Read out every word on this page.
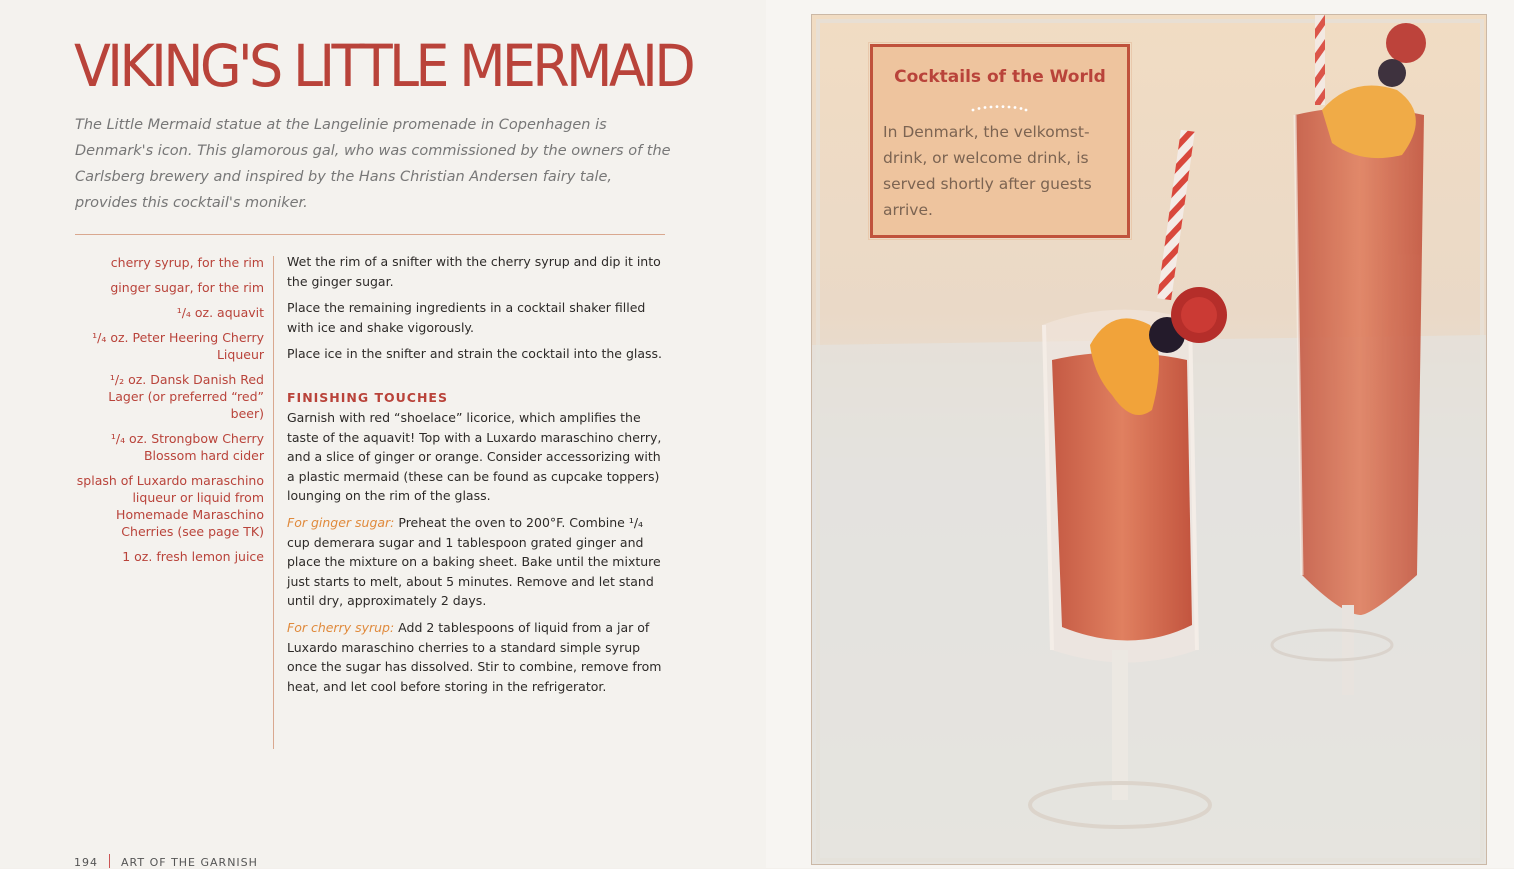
VIKING'S LITTLE MERMAID
The Little Mermaid statue at the Langelinie promenade in Copenhagen is Denmark's icon. This glamorous gal, who was commissioned by the owners of the Carlsberg brewery and inspired by the Hans Christian Andersen fairy tale, provides this cocktail's moniker.
cherry syrup, for the rim
ginger sugar, for the rim
¹/₄ oz. aquavit
¹/₄ oz. Peter Heering Cherry Liqueur
¹/₂ oz. Dansk Danish Red Lager (or preferred “red” beer)
¹/₄ oz. Strongbow Cherry Blossom hard cider
splash of Luxardo maraschino liqueur or liquid from Homemade Maraschino Cherries (see page TK)
1 oz. fresh lemon juice

Wet the rim of a snifter with the cherry syrup and dip it into the ginger sugar.

Place the remaining ingredients in a cocktail shaker filled with ice and shake vigorously.

Place ice in the snifter and strain the cocktail into the glass.

FINISHING TOUCHES

Garnish with red “shoelace” licorice, which amplifies the taste of the aquavit! Top with a Luxardo maraschino cherry, and a slice of ginger or orange. Consider accessorizing with a plastic mermaid (these can be found as cupcake toppers) lounging on the rim of the glass.

For ginger sugar: Preheat the oven to 200°F. Combine ¹/₄ cup demerara sugar and 1 tablespoon grated ginger and place the mixture on a baking sheet. Bake until the mixture just starts to melt, about 5 minutes. Remove and let stand until dry, approximately 2 days.

For cherry syrup: Add 2 tablespoons of liquid from a jar of Luxardo maraschino cherries to a standard simple syrup once the sugar has dissolved. Stir to combine, remove from heat, and let cool before storing in the refrigerator.

194 ART OF THE GARNISH
Cocktails of the World
In Denmark, the velkomst-drink, or welcome drink, is served shortly after guests arrive.
